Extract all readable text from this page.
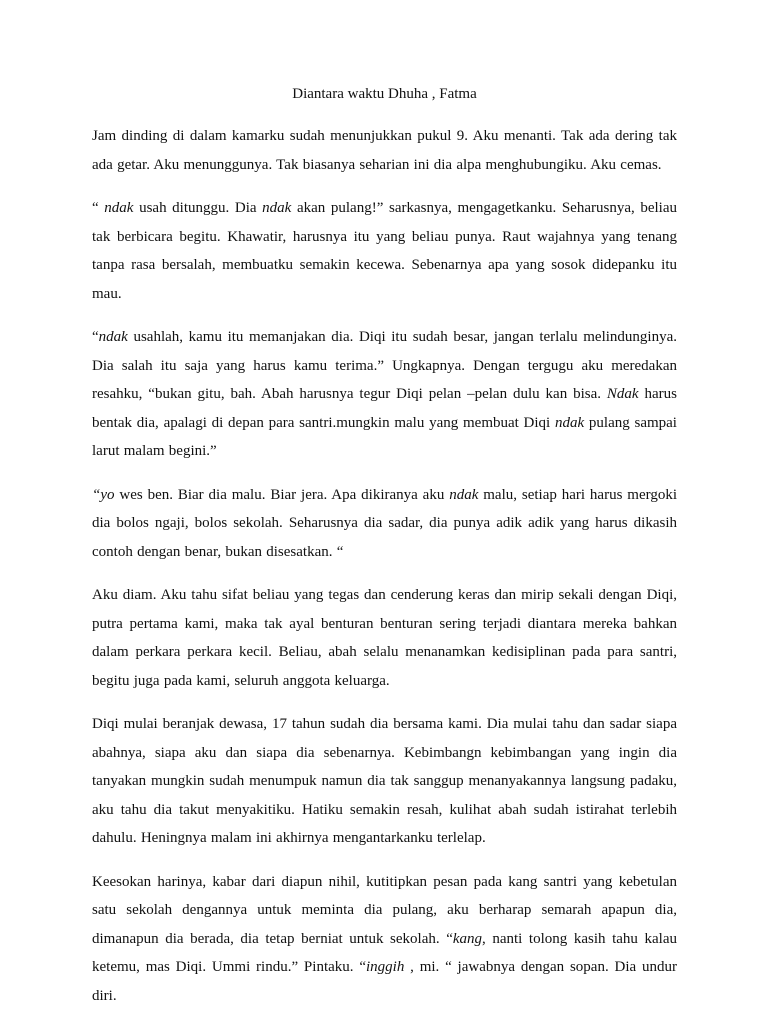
Diantara waktu Dhuha , Fatma

Jam dinding di dalam kamarku sudah menunjukkan pukul 9. Aku menanti. Tak ada dering tak ada getar. Aku menunggunya. Tak biasanya seharian ini dia alpa menghubungiku. Aku cemas.

“ ndak usah ditunggu. Dia ndak akan pulang!” sarkasnya, mengagetkanku. Seharusnya, beliau tak berbicara begitu. Khawatir, harusnya itu yang beliau punya. Raut wajahnya yang tenang tanpa rasa bersalah, membuatku semakin kecewa. Sebenarnya apa yang sosok didepanku itu mau.

“ndak usahlah, kamu itu memanjakan dia. Diqi itu sudah besar, jangan terlalu melindunginya. Dia salah itu saja yang harus kamu terima.” Ungkapnya. Dengan tergugu aku meredakan resahku, “bukan gitu, bah. Abah harusnya tegur Diqi pelan –pelan dulu kan bisa. Ndak harus bentak dia, apalagi di depan para santri.mungkin malu yang membuat Diqi ndak pulang sampai larut malam begini.”

“yo wes ben. Biar dia malu. Biar jera. Apa dikiranya aku ndak malu, setiap hari harus mergoki dia bolos ngaji, bolos sekolah. Seharusnya dia sadar, dia punya adik adik yang harus dikasih contoh dengan benar, bukan disesatkan. “

Aku diam. Aku tahu sifat beliau yang tegas dan cenderung keras dan mirip sekali dengan Diqi, putra pertama kami, maka tak ayal benturan benturan sering terjadi diantara mereka bahkan dalam perkara perkara kecil. Beliau, abah selalu menanamkan kedisiplinan pada para santri, begitu juga pada kami, seluruh anggota keluarga.

Diqi mulai beranjak dewasa, 17 tahun sudah dia bersama kami. Dia mulai tahu dan sadar siapa abahnya, siapa aku dan siapa dia sebenarnya. Kebimbangn kebimbangan yang ingin dia tanyakan mungkin sudah menumpuk namun dia tak sanggup menanyakannya langsung padaku, aku tahu dia takut menyakitiku. Hatiku semakin resah, kulihat abah sudah istirahat terlebih dahulu. Heningnya malam ini akhirnya mengantarkanku terlelap.

Keesokan harinya, kabar dari diapun nihil, kutitipkan pesan pada kang santri yang kebetulan satu sekolah dengannya untuk meminta dia pulang, aku berharap semarah apapun dia, dimanapun dia berada, dia tetap berniat untuk sekolah. “kang, nanti tolong kasih tahu kalau ketemu, mas Diqi. Ummi rindu.” Pintaku. “inggih , mi. “ jawabnya dengan sopan. Dia undur diri.
